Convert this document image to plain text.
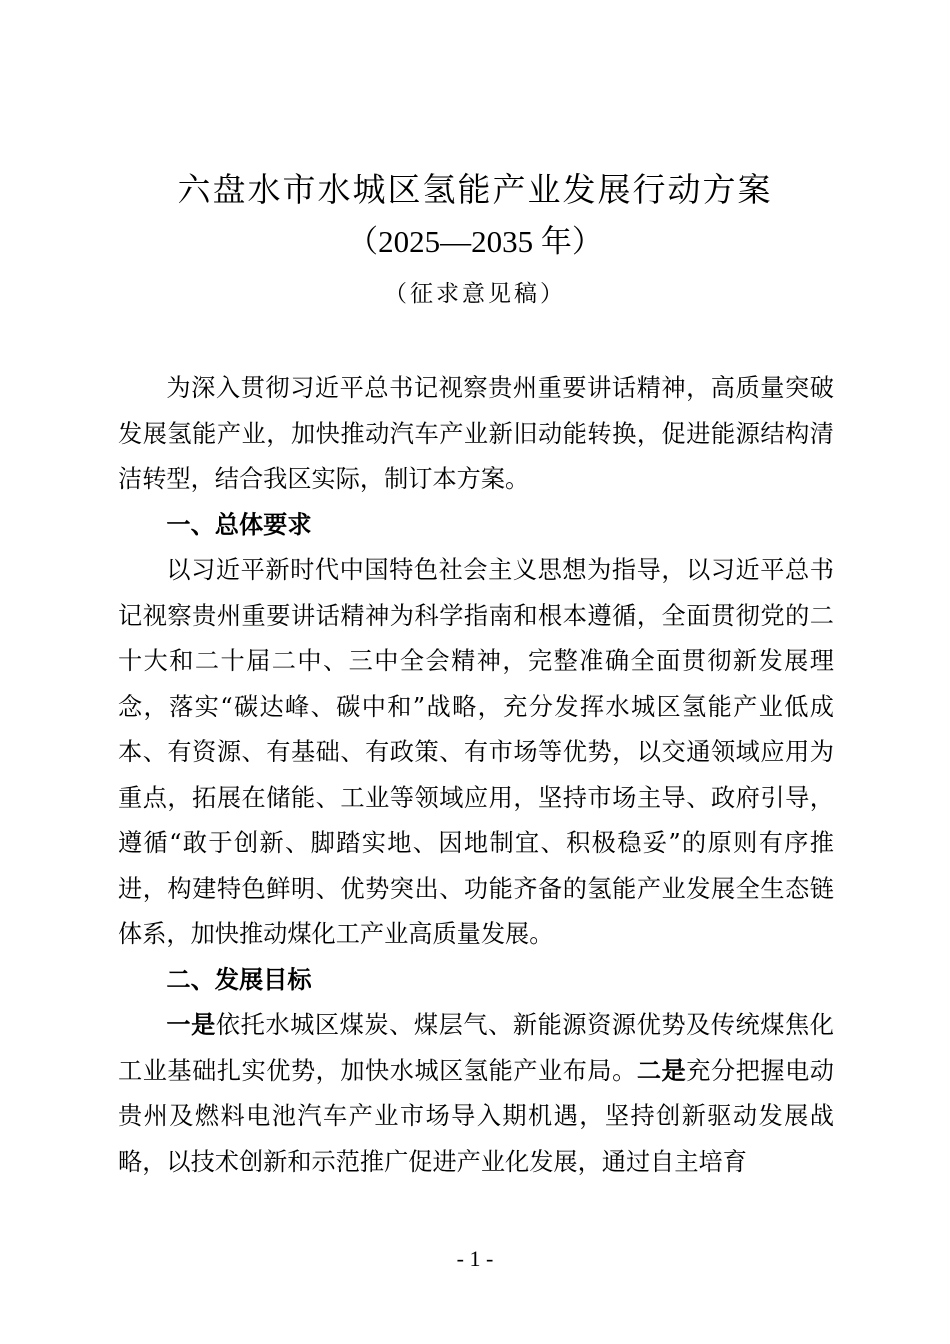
六盘水市水城区氢能产业发展行动方案
（2025—2035 年）
（征求意见稿）

为深入贯彻习近平总书记视察贵州重要讲话精神，高质量突破发展氢能产业，加快推动汽车产业新旧动能转换，促进能源结构清洁转型，结合我区实际，制订本方案。

一、总体要求

以习近平新时代中国特色社会主义思想为指导，以习近平总书记视察贵州重要讲话精神为科学指南和根本遵循，全面贯彻党的二十大和二十届二中、三中全会精神，完整准确全面贯彻新发展理念，落实“碳达峰、碳中和”战略，充分发挥水城区氢能产业低成本、有资源、有基础、有政策、有市场等优势，以交通领域应用为重点，拓展在储能、工业等领域应用，坚持市场主导、政府引导，遵循“敢于创新、脚踏实地、因地制宜、积极稳妥”的原则有序推进，构建特色鲜明、优势突出、功能齐备的氢能产业发展全生态链体系，加快推动煤化工产业高质量发展。

二、发展目标

一是依托水城区煤炭、煤层气、新能源资源优势及传统煤焦化工业基础扎实优势，加快水城区氢能产业布局。二是充分把握电动贵州及燃料电池汽车产业市场导入期机遇，坚持创新驱动发展战略，以技术创新和示范推广促进产业化发展，通过自主培育

- 1 -
